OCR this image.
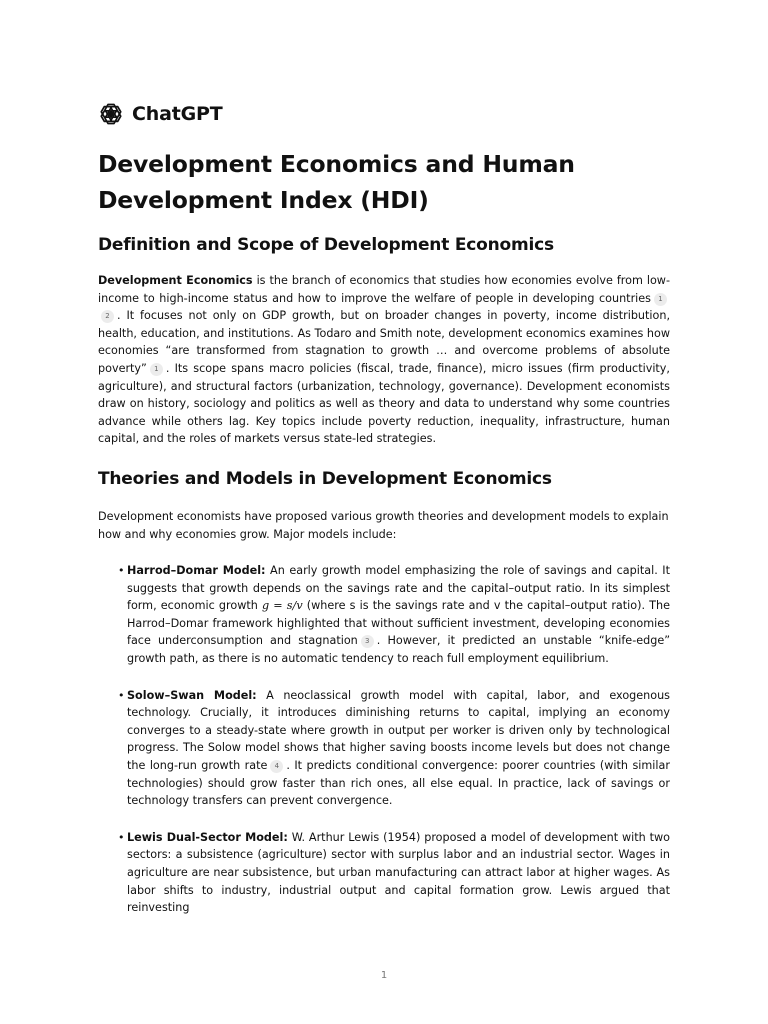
ChatGPT
Development Economics and Human Development Index (HDI)
Definition and Scope of Development Economics

Development Economics is the branch of economics that studies how economies evolve from low-income to high-income status and how to improve the welfare of people in developing countries 12 . It focuses not only on GDP growth, but on broader changes in poverty, income distribution, health, education, and institutions. As Todaro and Smith note, development economics examines how economies “are transformed from stagnation to growth … and overcome problems of absolute poverty” 1 . Its scope spans macro policies (fiscal, trade, finance), micro issues (firm productivity, agriculture), and structural factors (urbanization, technology, governance). Development economists draw on history, sociology and politics as well as theory and data to understand why some countries advance while others lag. Key topics include poverty reduction, inequality, infrastructure, human capital, and the roles of markets versus state-led strategies.

Theories and Models in Development Economics

Development economists have proposed various growth theories and development models to explain how and why economies grow. Major models include:

• Harrod–Domar Model: An early growth model emphasizing the role of savings and capital. It suggests that growth depends on the savings rate and the capital–output ratio. In its simplest form, economic growth g = s/v (where s is the savings rate and v the capital–output ratio). The Harrod–Domar framework highlighted that without sufficient investment, developing economies face underconsumption and stagnation 3 . However, it predicted an unstable “knife-edge” growth path, as there is no automatic tendency to reach full employment equilibrium.
• Solow–Swan Model: A neoclassical growth model with capital, labor, and exogenous technology. Crucially, it introduces diminishing returns to capital, implying an economy converges to a steady-state where growth in output per worker is driven only by technological progress. The Solow model shows that higher saving boosts income levels but does not change the long-run growth rate 4 . It predicts conditional convergence: poorer countries (with similar technologies) should grow faster than rich ones, all else equal. In practice, lack of savings or technology transfers can prevent convergence.
• Lewis Dual-Sector Model: W. Arthur Lewis (1954) proposed a model of development with two sectors: a subsistence (agriculture) sector with surplus labor and an industrial sector. Wages in agriculture are near subsistence, but urban manufacturing can attract labor at higher wages. As labor shifts to industry, industrial output and capital formation grow. Lewis argued that reinvesting
1
